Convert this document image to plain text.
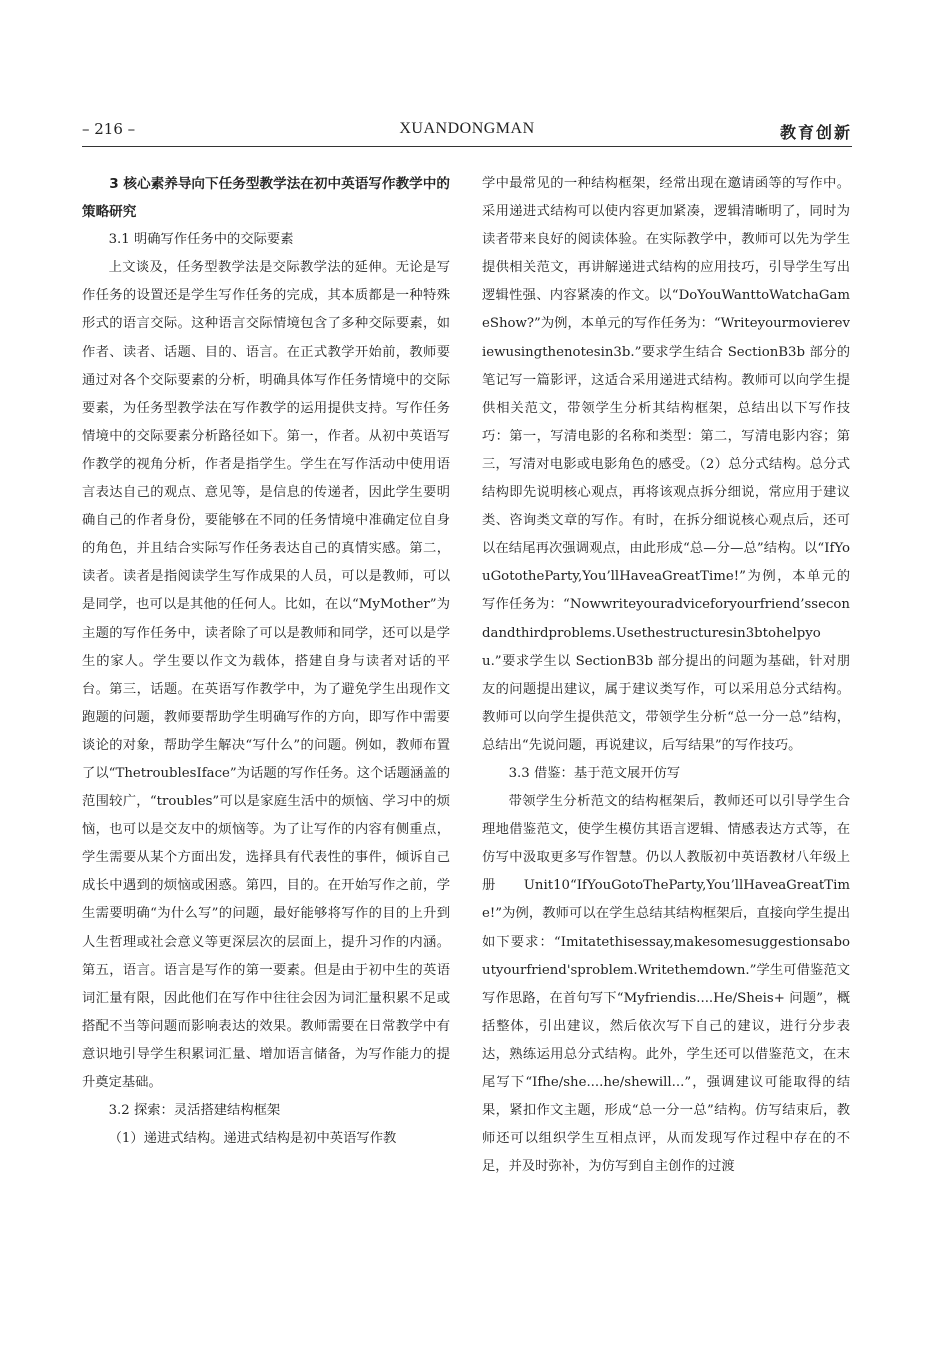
XUANDONGMAN
– 216 –	教育创新
3 核心素养导向下任务型教学法在初中英语写作教学中的策略研究
3.1 明确写作任务中的交际要素

上文谈及，任务型教学法是交际教学法的延伸。无论是写作任务的设置还是学生写作任务的完成，其本质都是一种特殊形式的语言交际。这种语言交际情境包含了多种交际要素，如作者、读者、话题、目的、语言。在正式教学开始前，教师要通过对各个交际要素的分析，明确具体写作任务情境中的交际要素，为任务型教学法在写作教学的运用提供支持。写作任务情境中的交际要素分析路径如下。第一，作者。从初中英语写作教学的视角分析，作者是指学生。学生在写作活动中使用语言表达自己的观点、意见等，是信息的传递者，因此学生要明确自己的作者身份，要能够在不同的任务情境中准确定位自身的角色，并且结合实际写作任务表达自己的真情实感。第二，读者。读者是指阅读学生写作成果的人员，可以是教师，可以是同学，也可以是其他的任何人。比如，在以“MyMother”为主题的写作任务中，读者除了可以是教师和同学，还可以是学生的家人。学生要以作文为载体，搭建自身与读者对话的平台。第三，话题。在英语写作教学中，为了避免学生出现作文跑题的问题，教师要帮助学生明确写作的方向，即写作中需要谈论的对象，帮助学生解决“写什么”的问题。例如，教师布置了以“ThetroublesIface”为话题的写作任务。这个话题涵盖的范围较广，“troubles”可以是家庭生活中的烦恼、学习中的烦恼，也可以是交友中的烦恼等。为了让写作的内容有侧重点，学生需要从某个方面出发，选择具有代表性的事件，倾诉自己成长中遇到的烦恼或困惑。第四，目的。在开始写作之前，学生需要明确“为什么写”的问题，最好能够将写作的目的上升到人生哲理或社会意义等更深层次的层面上，提升习作的内涵。第五，语言。语言是写作的第一要素。但是由于初中生的英语词汇量有限，因此他们在写作中往往会因为词汇量积累不足或搭配不当等问题而影响表达的效果。教师需要在日常教学中有意识地引导学生积累词汇量、增加语言储备，为写作能力的提升奠定基础。

3.2 探索：灵活搭建结构框架

（1）递进式结构。递进式结构是初中英语写作教

学中最常见的一种结构框架，经常出现在邀请函等的写作中。采用递进式结构可以使内容更加紧凑，逻辑清晰明了，同时为读者带来良好的阅读体验。在实际教学中，教师可以先为学生提供相关范文，再讲解递进式结构的应用技巧，引导学生写出逻辑性强、内容紧凑的作文。以“DoYouWanttoWatchaGameShow?”为例，本单元的写作任务为：“Writeyourmoviereviewusingthenotesin3b.”要求学生结合 SectionB3b 部分的笔记写一篇影评，这适合采用递进式结构。教师可以向学生提供相关范文，带领学生分析其结构框架，总结出以下写作技巧：第一，写清电影的名称和类型：第二，写清电影内容；第三，写清对电影或电影角色的感受。（2）总分式结构。总分式结构即先说明核心观点，再将该观点拆分细说，常应用于建议类、咨询类文章的写作。有时，在拆分细说核心观点后，还可以在结尾再次强调观点，由此形成“总—分—总”结构。以“IfYouGototheParty,You’llHaveaGreatTime!”为例，本单元的写作任务为：“Nowwriteyouradviceforyourfriend’ssecondandthirdproblems.Usethestructuresin3btohelpyou.”要求学生以 SectionB3b 部分提出的问题为基础，针对朋友的问题提出建议，属于建议类写作，可以采用总分式结构。教师可以向学生提供范文，带领学生分析“总一分一总”结构，总结出“先说问题，再说建议，后写结果”的写作技巧。

3.3 借鉴：基于范文展开仿写

带领学生分析范文的结构框架后，教师还可以引导学生合理地借鉴范文，使学生模仿其语言逻辑、情感表达方式等，在仿写中汲取更多写作智慧。仍以人教版初中英语教材八年级上册 Unit10“IfYouGotoTheParty,You’llHaveaGreatTime!”为例，教师可以在学生总结其结构框架后，直接向学生提出如下要求：“Imitatethisessay,makesomesuggestionsaboutyourfriend'sproblem.Writethemdown.”学生可借鉴范文写作思路，在首句写下“Myfriendis....He/Sheis+ 问题”，概括整体，引出建议，然后依次写下自己的建议，进行分步表达，熟练运用总分式结构。此外，学生还可以借鉴范文，在末尾写下“Ifhe/she....he/shewill...”，强调建议可能取得的结果，紧扣作文主题，形成“总一分一总”结构。仿写结束后，教师还可以组织学生互相点评，从而发现写作过程中存在的不足，并及时弥补，为仿写到自主创作的过渡
